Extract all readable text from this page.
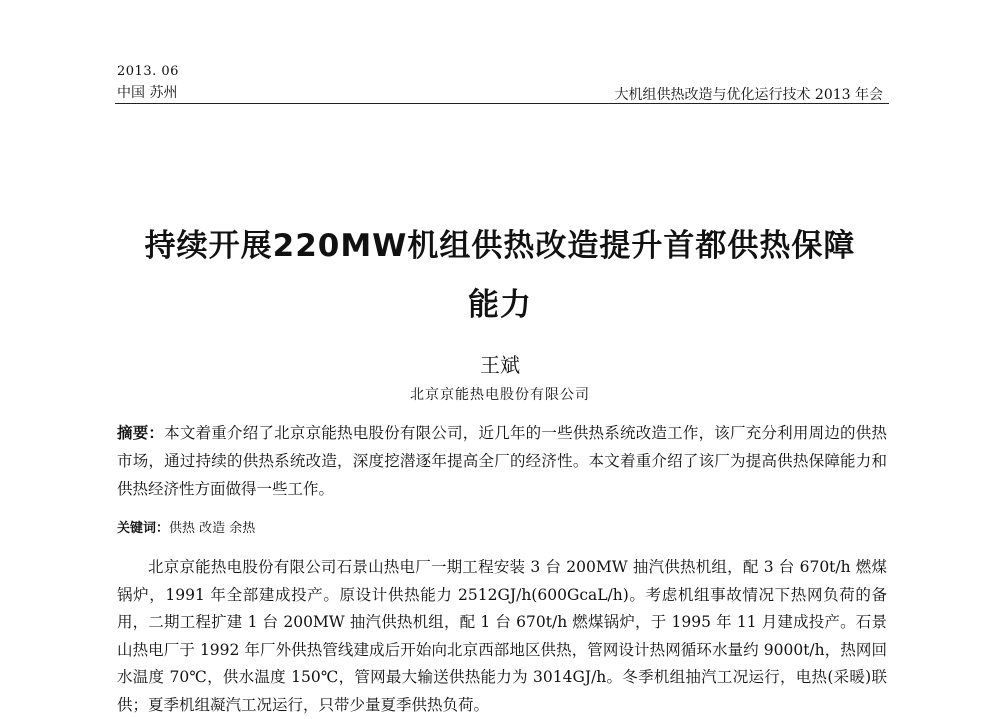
2013. 06
中国 苏州	大机组供热改造与优化运行技术 2013 年会
持续开展220MW机组供热改造提升首都供热保障
能力
王斌
北京京能热电股份有限公司
摘要：本文着重介绍了北京京能热电股份有限公司，近几年的一些供热系统改造工作，该厂充分利用周边的供热市场，通过持续的供热系统改造，深度挖潜逐年提高全厂的经济性。本文着重介绍了该厂为提高供热保障能力和供热经济性方面做得一些工作。
关键词：供热 改造 余热
北京京能热电股份有限公司石景山热电厂一期工程安装 3 台 200MW 抽汽供热机组，配 3 台 670t/h 燃煤锅炉，1991 年全部建成投产。原设计供热能力 2512GJ/h(600GcaL/h)。考虑机组事故情况下热网负荷的备用，二期工程扩建 1 台 200MW 抽汽供热机组，配 1 台 670t/h 燃煤锅炉，于 1995 年 11 月建成投产。石景山热电厂于 1992 年厂外供热管线建成后开始向北京西部地区供热，管网设计热网循环水量约 9000t/h，热网回水温度 70℃，供水温度 150℃，管网最大输送供热能力为 3014GJ/h。冬季机组抽汽工况运行，电热(采暖)联供；夏季机组凝汽工况运行，只带少量夏季供热负荷。
